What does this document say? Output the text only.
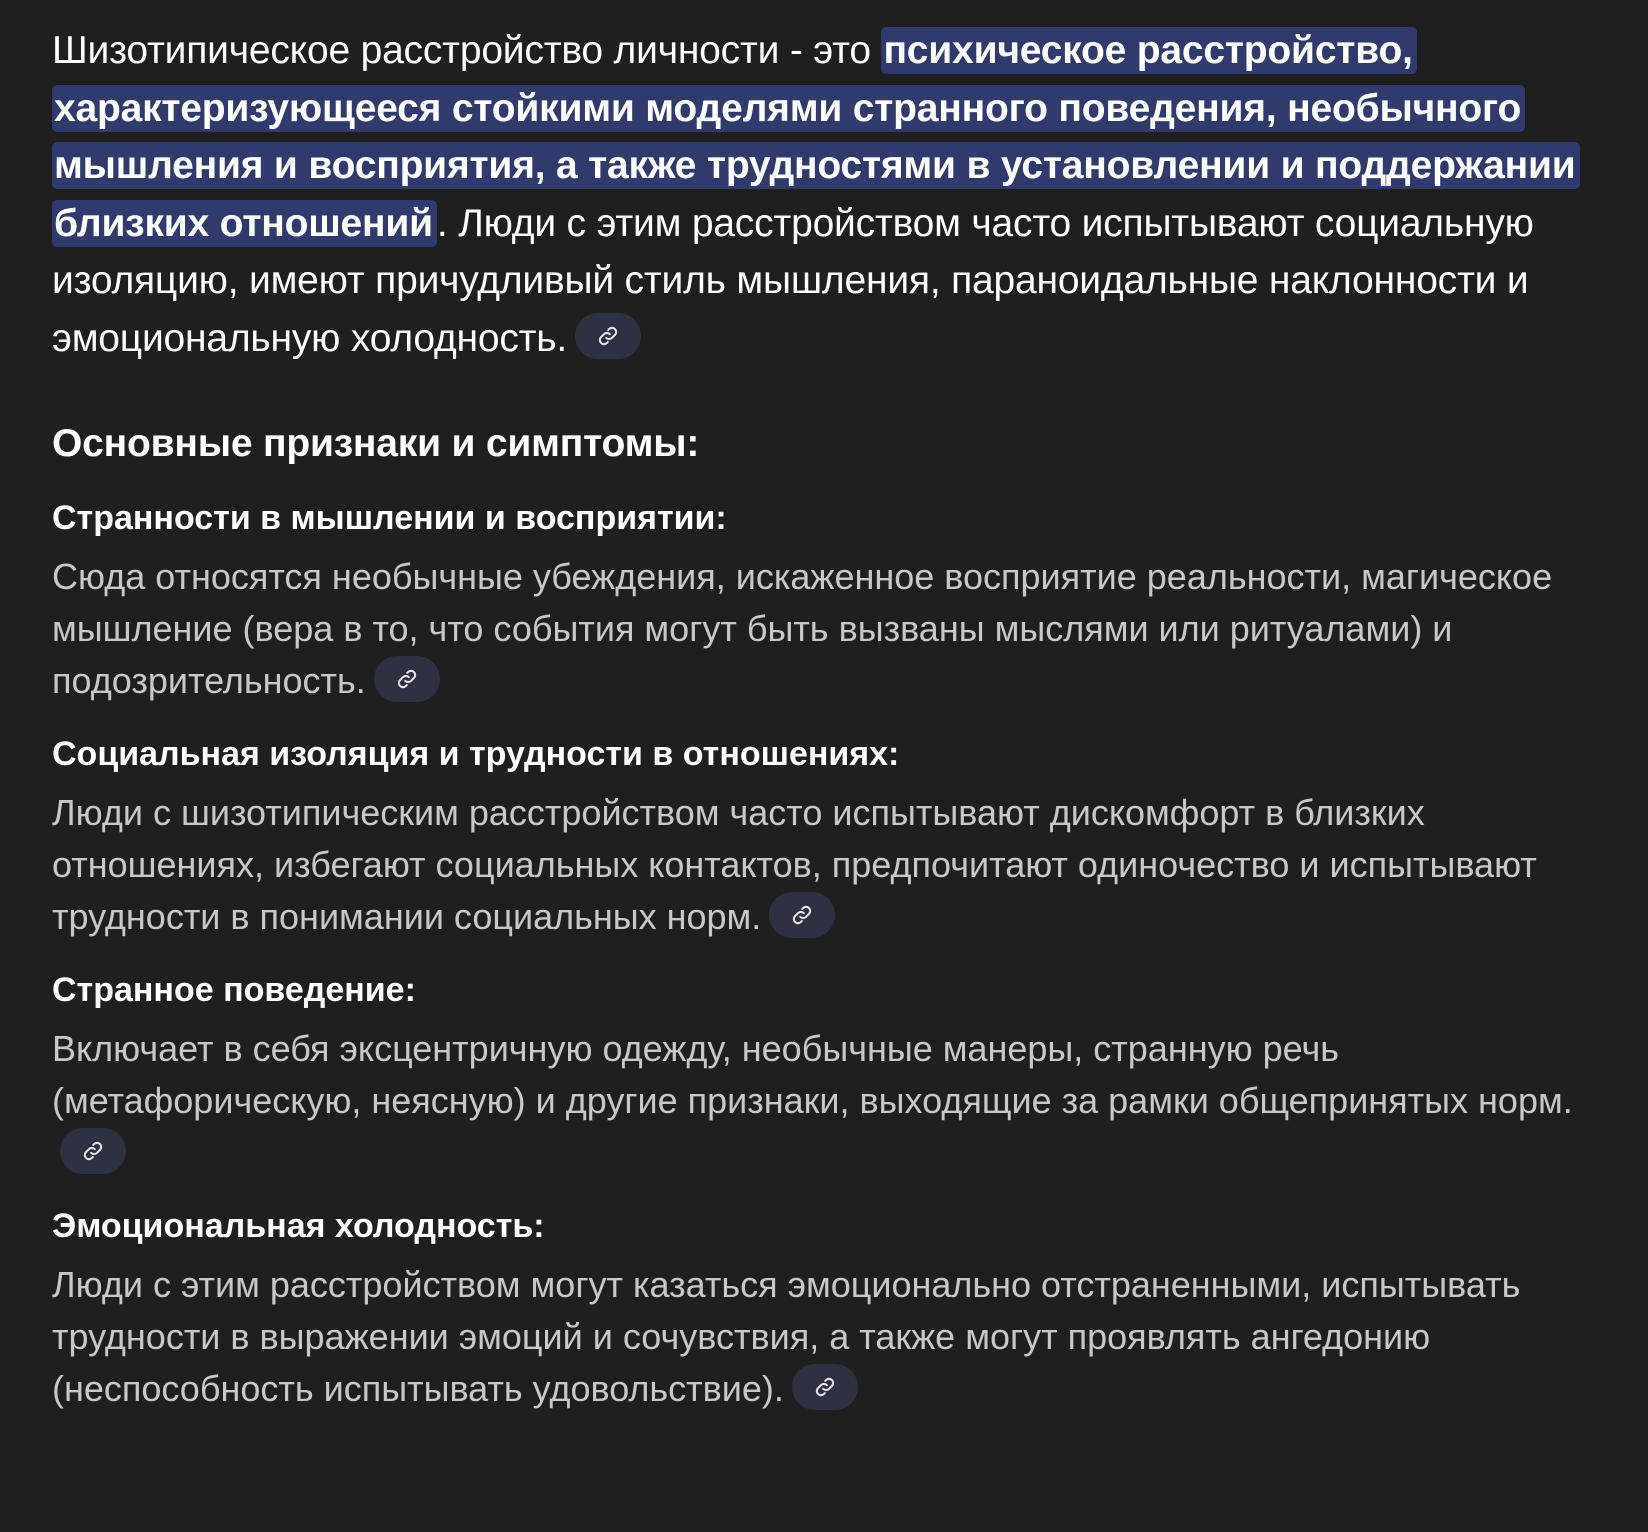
Шизотипическое расстройство личности - это психическое расстройство, характеризующееся стойкими моделями странного поведения, необычного мышления и восприятия, а также трудностями в установлении и поддержании близких отношений . Люди с этим расстройством часто испытывают социальную изоляцию, имеют причудливый стиль мышления, параноидальные наклонности и эмоциональную холодность.

Основные признаки и симптомы:
Странности в мышлении и восприятии:

Сюда относятся необычные убеждения, искаженное восприятие реальности, магическое мышление (вера в то, что события могут быть вызваны мыслями или ритуалами) и подозрительность.

Социальная изоляция и трудности в отношениях:

Люди с шизотипическим расстройством часто испытывают дискомфорт в близких отношениях, избегают социальных контактов, предпочитают одиночество и испытывают трудности в понимании социальных норм.

Странное поведение:

Включает в себя эксцентричную одежду, необычные манеры, странную речь (метафорическую, неясную) и другие признаки, выходящие за рамки общепринятых норм.

Эмоциональная холодность:

Люди с этим расстройством могут казаться эмоционально отстраненными, испытывать трудности в выражении эмоций и сочувствия, а также могут проявлять ангедонию (неспособность испытывать удовольствие).
